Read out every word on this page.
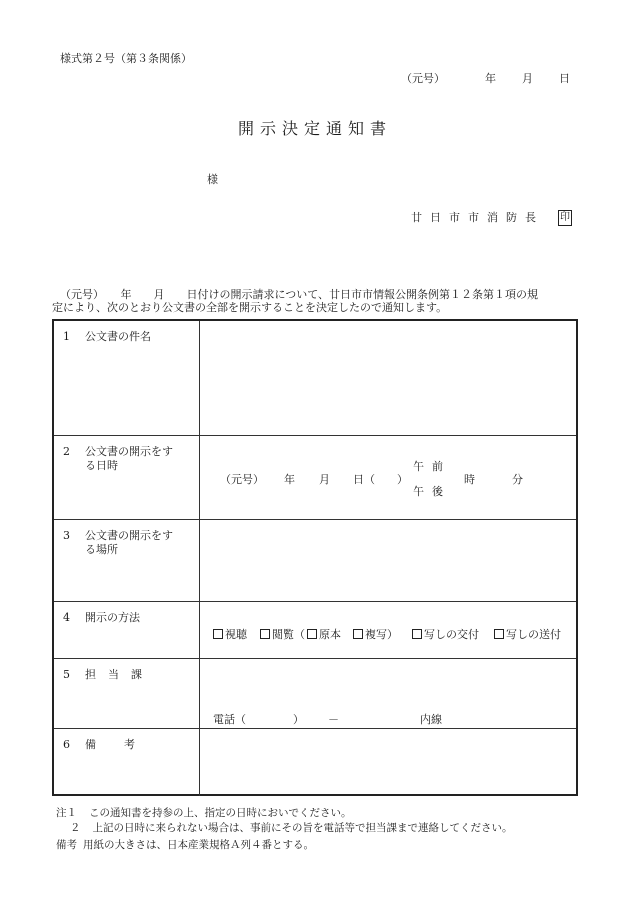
様式第２号（第３条関係）
（元号）	年 月 日
開示決定通知書
様
廿日市市消防長 印
（元号）　　年　　月　　日付けの開示請求について、廿日市市情報公開条例第１２条第１項の規
定により、次のとおり公文書の全部を開示することを決定したので通知します。
1 公文書の件名
2 公文書の開示をす
る日時
（元号） 年 月 日（　　）
午前
午後
時	分
3 公文書の開示をす
る場所
4 開示の方法
視聴	閲覧（	原本	複写）	写しの交付	写しの送付
5 担当課
電話（	） －	内線
6 備考
注１ この通知書を持参の上、指定の日時においでください。
２ 上記の日時に来られない場合は、事前にその旨を電話等で担当課まで連絡してください。
備考 用紙の大きさは、日本産業規格Ａ列４番とする。
